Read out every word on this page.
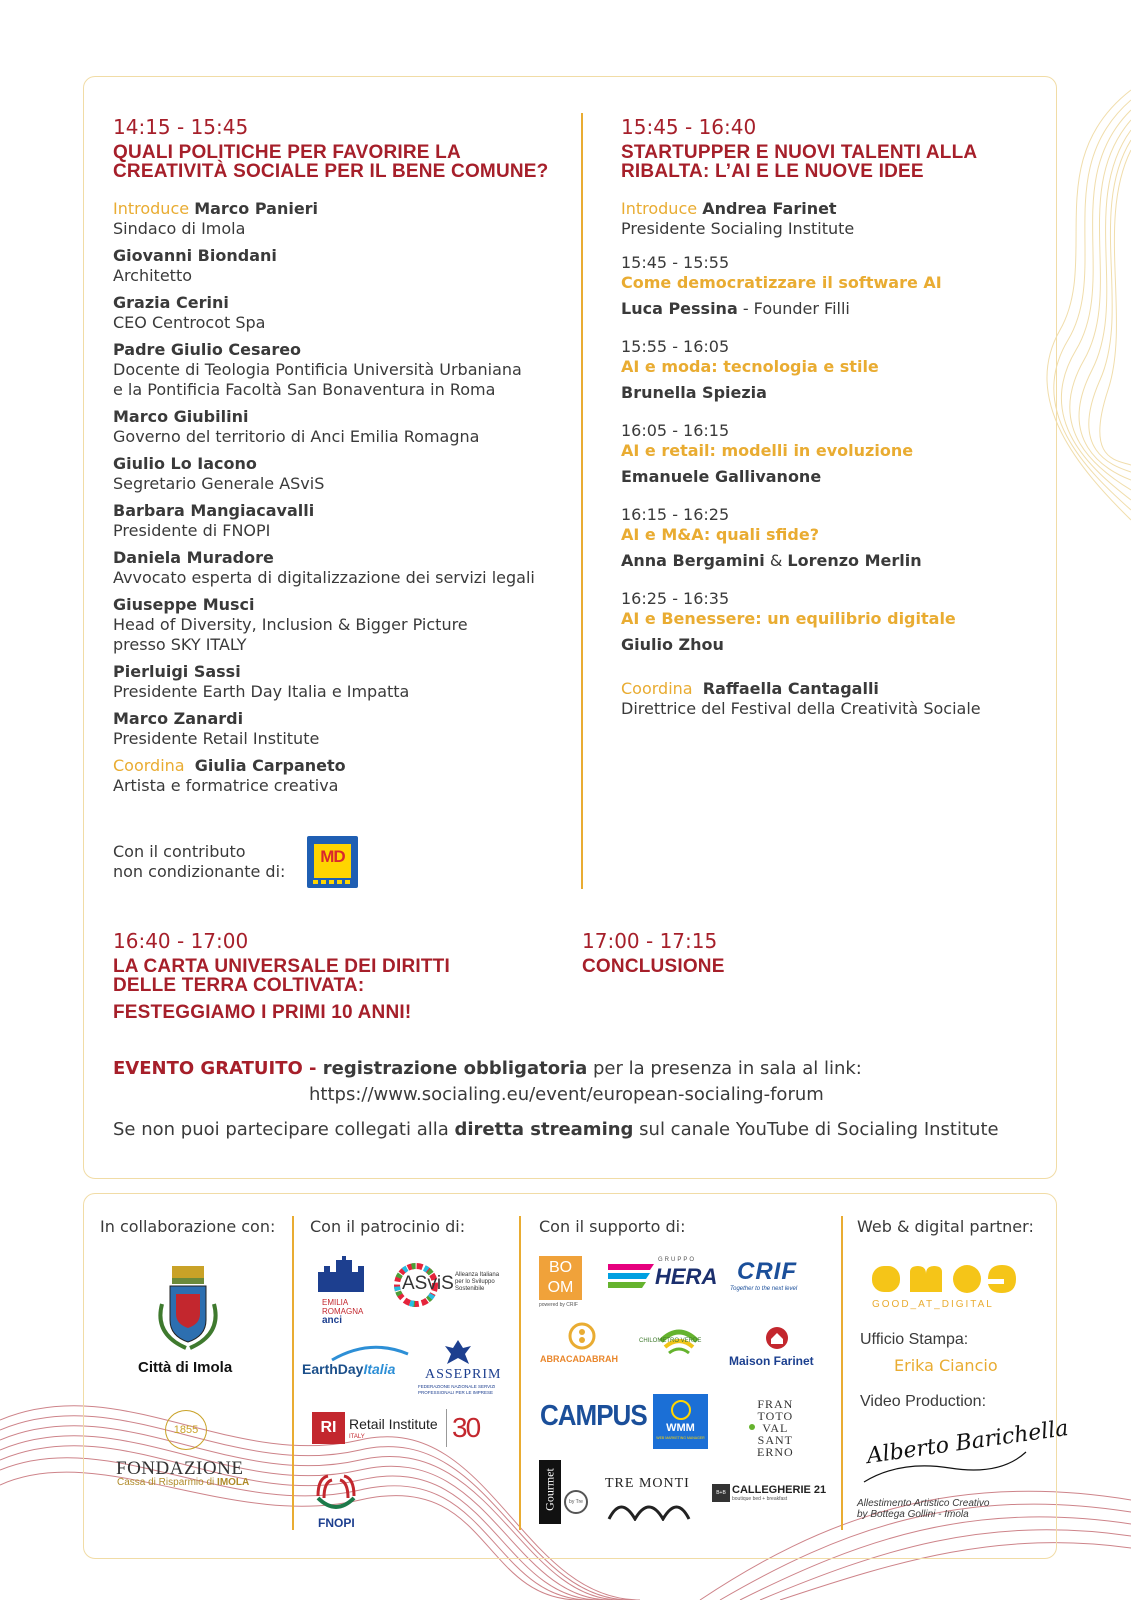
14:15 - 15:45
QUALI POLITICHE PER FAVORIRE LA
CREATIVITÀ SOCIALE PER IL BENE COMUNE?
Introduce Marco Panieri
Sindaco di Imola
Giovanni Biondani
Architetto
Grazia Cerini
CEO Centrocot Spa
Padre Giulio Cesareo
Docente di Teologia Pontificia Università Urbaniana
e la Pontificia Facoltà San Bonaventura in Roma
Marco Giubilini
Governo del territorio di Anci Emilia Romagna
Giulio Lo Iacono
Segretario Generale ASviS
Barbara Mangiacavalli
Presidente di FNOPI
Daniela Muradore
Avvocato esperta di digitalizzazione dei servizi legali
Giuseppe Musci
Head of Diversity, Inclusion & Bigger Picture
presso SKY ITALY
Pierluigi Sassi
Presidente Earth Day Italia e Impatta
Marco Zanardi
Presidente Retail Institute
Coordina Giulia Carpaneto
Artista e formatrice creativa
Con il contributo
non condizionante di:
MD
15:45 - 16:40
STARTUPPER E NUOVI TALENTI ALLA
RIBALTA: L’AI E LE NUOVE IDEE
Introduce Andrea Farinet
Presidente Socialing Institute
15:45 - 15:55
Come democratizzare il software AI
Luca Pessina - Founder Filli
15:55 - 16:05
AI e moda: tecnologia e stile
Brunella Spiezia
16:05 - 16:15
AI e retail: modelli in evoluzione
Emanuele Gallivanone
16:15 - 16:25
AI e M&A: quali sfide?
Anna Bergamini & Lorenzo Merlin
16:25 - 16:35
AI e Benessere: un equilibrio digitale
Giulio Zhou
Coordina Raffaella Cantagalli
Direttrice del Festival della Creatività Sociale
16:40 - 17:00
LA CARTA UNIVERSALE DEI DIRITTI
DELLE TERRA COLTIVATA:
FESTEGGIAMO I PRIMI 10 ANNI!
17:00 - 17:15
CONCLUSIONE
EVENTO GRATUITO - registrazione obbligatoria per la presenza in sala al link:
https://www.socialing.eu/event/european-socialing-forum
Se non puoi partecipare collegati alla diretta streaming sul canale YouTube di Socialing Institute
In collaborazione con: Con il patrocinio di:	Con il supporto di:	Web & digital partner:
Città di Imola
1855
FONDAZIONE
Cassa di Risparmio di IMOLA
EMILIA
ROMAGNA
anci
ASviS Alleanza Italiana
per lo Sviluppo
Sostenibile
EarthDayItalia ASSEPRIM
FEDERAZIONE NAZIONALE SERVIZI
PROFESSIONALI PER LE IMPRESE
RI Retail Institute
ITALY	30
FNOPI
BO
OM
powered by CRIF
GRUPPO
HERA CRIF
Together to the next level
ABRACADABRAH
CHILOMETRO VERDE
Maison Farinet
CAMPUS	WMM
WEB MARKETING MANAGER
FRAN
TOTO
VAL
SANT
ERNO
Gourmet	by Tre
TRE MONTI
B+B CALLEGHERIE 21
boutique bed + breakfast
GOOD_AT_DIGITAL
Ufficio Stampa:
Erika Ciancio
Video Production:
Alberto Barichella
Allestimento Artistico Creativo
by Bottega Gollini - Imola
